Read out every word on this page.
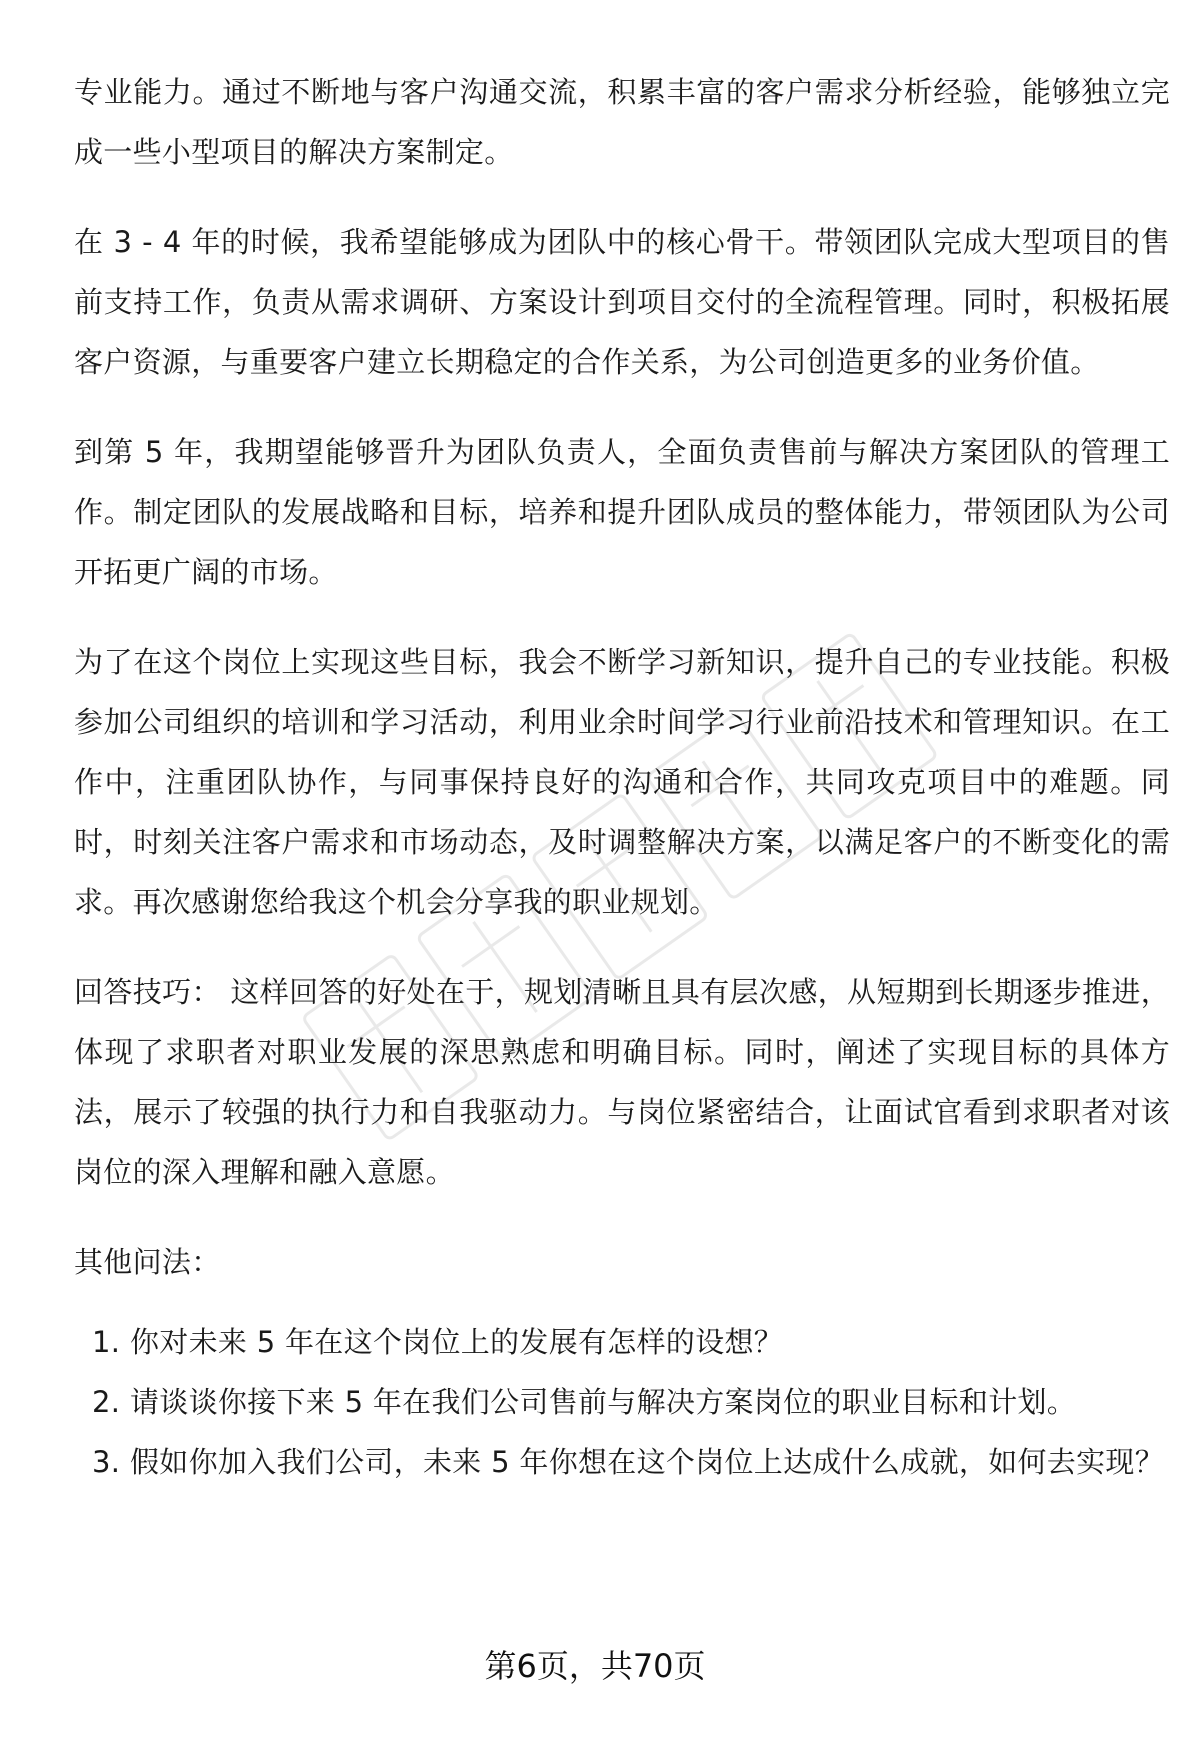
专业能力。通过不断地与客户沟通交流，积累丰富的客户需求分析经验，能够独立完成一些小型项目的解决方案制定。

在 3 - 4 年的时候，我希望能够成为团队中的核心骨干。带领团队完成大型项目的售前支持工作，负责从需求调研、方案设计到项目交付的全流程管理。同时，积极拓展客户资源，与重要客户建立长期稳定的合作关系，为公司创造更多的业务价值。

到第 5 年，我期望能够晋升为团队负责人，全面负责售前与解决方案团队的管理工作。制定团队的发展战略和目标，培养和提升团队成员的整体能力，带领团队为公司开拓更广阔的市场。

为了在这个岗位上实现这些目标，我会不断学习新知识，提升自己的专业技能。积极参加公司组织的培训和学习活动，利用业余时间学习行业前沿技术和管理知识。在工作中，注重团队协作，与同事保持良好的沟通和合作，共同攻克项目中的难题。同时，时刻关注客户需求和市场动态，及时调整解决方案，以满足客户的不断变化的需求。再次感谢您给我这个机会分享我的职业规划。

回答技巧： 这样回答的好处在于，规划清晰且具有层次感，从短期到长期逐步推进，体现了求职者对职业发展的深思熟虑和明确目标。同时，阐述了实现目标的具体方法，展示了较强的执行力和自我驱动力。与岗位紧密结合，让面试官看到求职者对该岗位的深入理解和融入意愿。

其他问法：

1. 你对未来 5 年在这个岗位上的发展有怎样的设想？
2. 请谈谈你接下来 5 年在我们公司售前与解决方案岗位的职业目标和计划。
3. 假如你加入我们公司，未来 5 年你想在这个岗位上达成什么成就，如何去实现？
第6页，共70页
